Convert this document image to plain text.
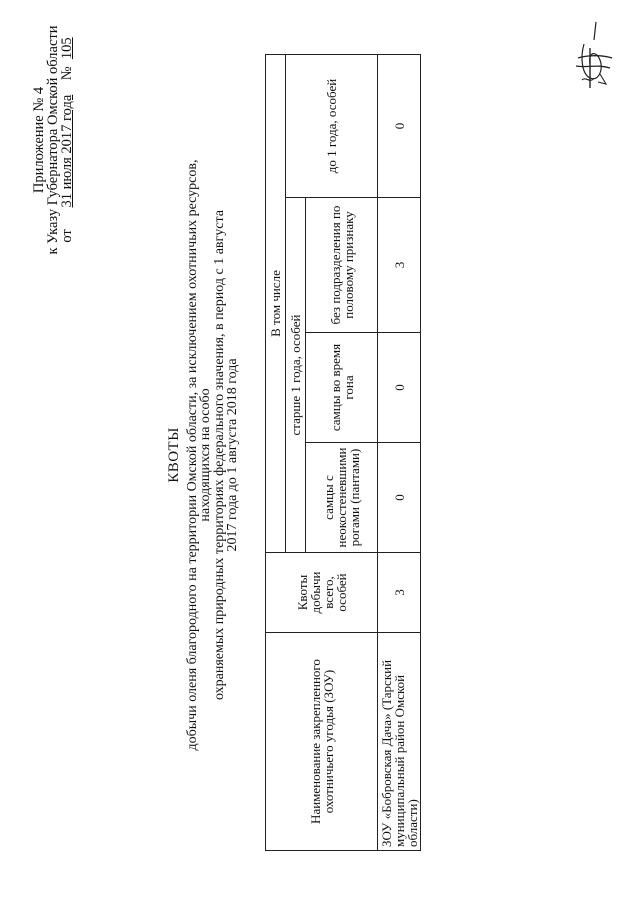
Приложение № 4
к Указу Губернатора Омской области
от      31 июля 2017 года    №  105
КВОТЫ добычи оленя благородного на территории Омской области, за исключением охотничьих ресурсов, находящихся на особо
охраняемых природных территориях федерального значения, в период с 1 августа
2017 года до 1 августа 2018 года
Наименование закрепленного охотничьего угодья (ЗОУ)	Квоты добычи всего, особей	В том числе			
		старше 1 года, особей			до 1 года, особей
		самцы с неокостеневшими рогами (пантами)	самцы во время гона	без подразделения по половому признаку	
ЗОУ «Бобровская Дача» (Тарский муниципальный район Омской области)	3	0	0	3	0
